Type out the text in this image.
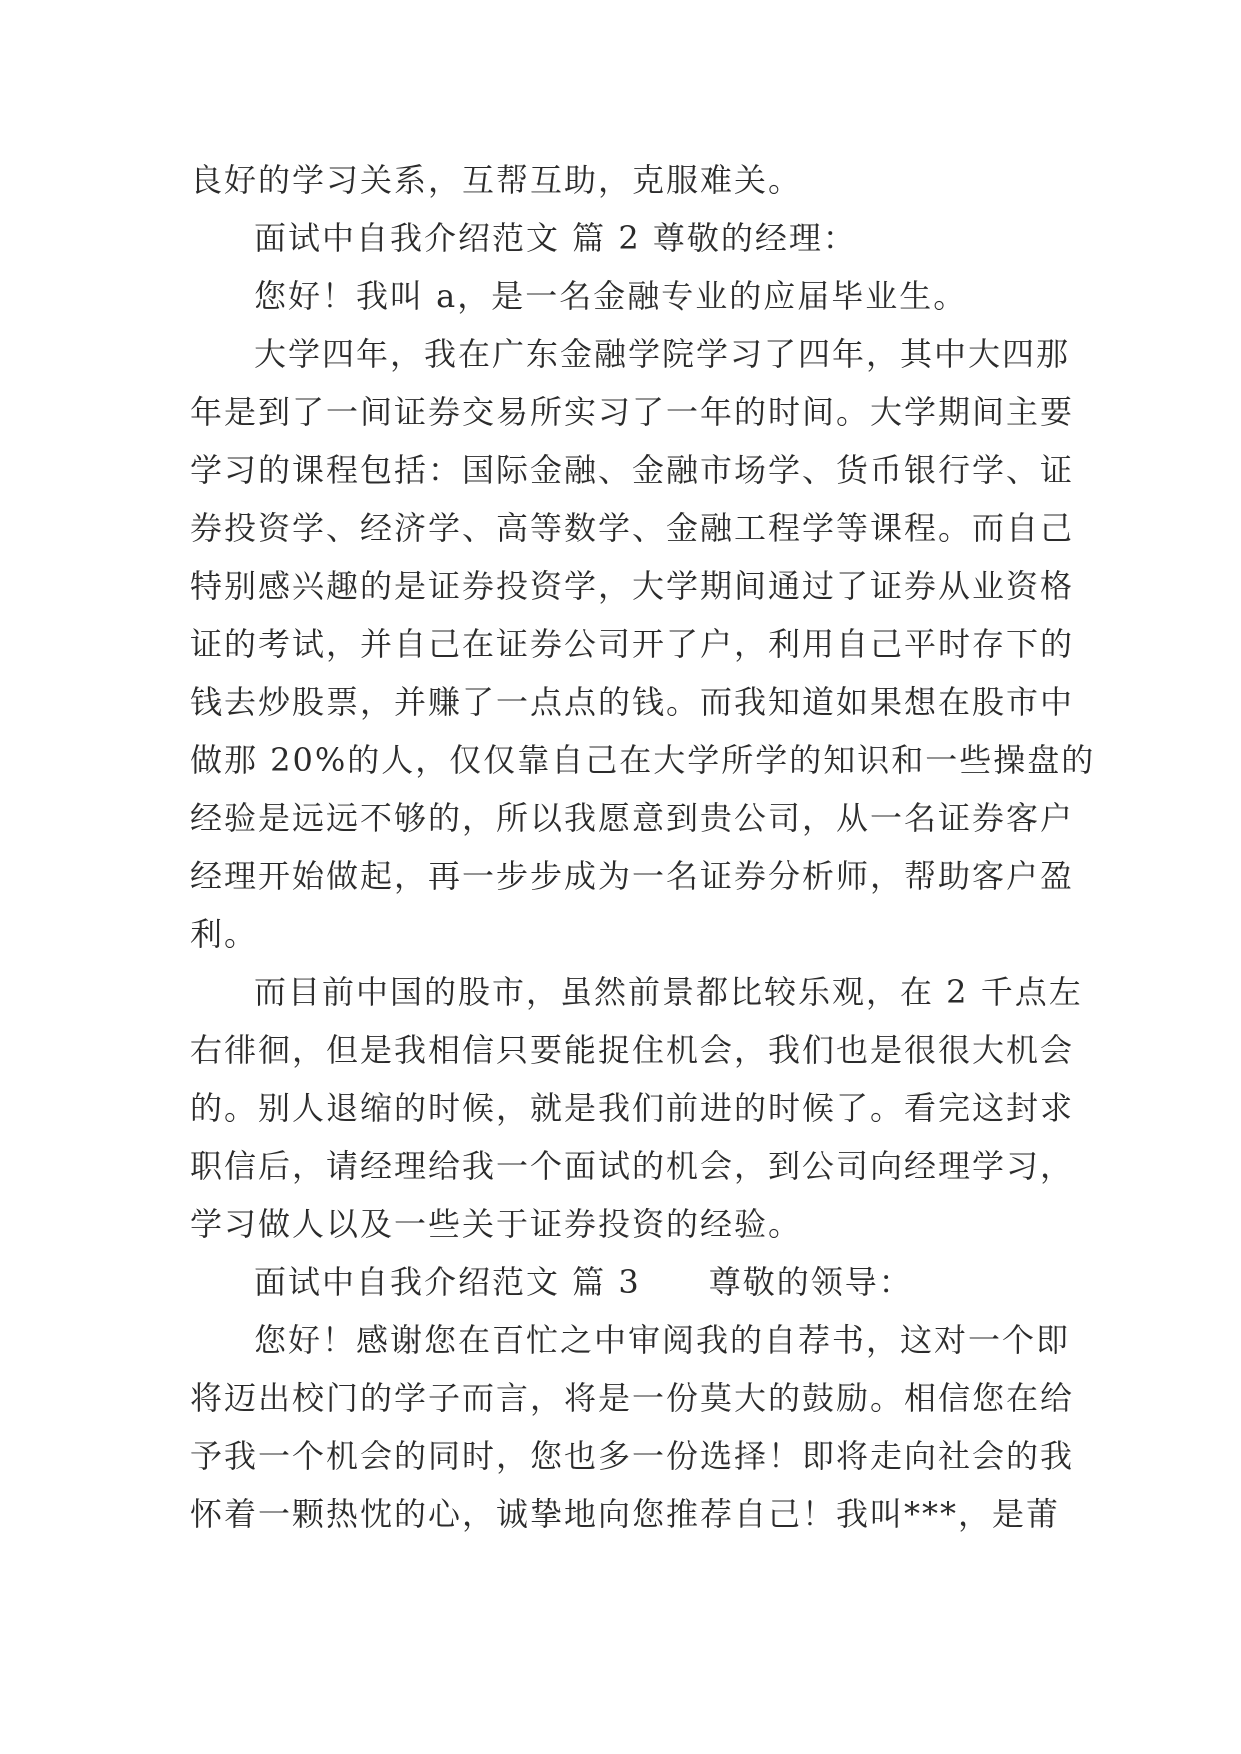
良好的学习关系，互帮互助，克服难关。
面试中自我介绍范文 篇 2 尊敬的经理：
您好！我叫 a，是一名金融专业的应届毕业生。
大学四年，我在广东金融学院学习了四年，其中大四那
年是到了一间证券交易所实习了一年的时间。大学期间主要
学习的课程包括：国际金融、金融市场学、货币银行学、证
券投资学、经济学、高等数学、金融工程学等课程。而自己
特别感兴趣的是证券投资学，大学期间通过了证券从业资格
证的考试，并自己在证券公司开了户，利用自己平时存下的
钱去炒股票，并赚了一点点的钱。而我知道如果想在股市中
做那 20%的人，仅仅靠自己在大学所学的知识和一些操盘的
经验是远远不够的，所以我愿意到贵公司，从一名证券客户
经理开始做起，再一步步成为一名证券分析师，帮助客户盈
利。
而目前中国的股市，虽然前景都比较乐观，在 2 千点左
右徘徊，但是我相信只要能捉住机会，我们也是很很大机会
的。别人退缩的时候，就是我们前进的时候了。看完这封求
职信后，请经理给我一个面试的机会，到公司向经理学习，
学习做人以及一些关于证券投资的经验。
面试中自我介绍范文 篇 3　　尊敬的领导：
您好！感谢您在百忙之中审阅我的自荐书，这对一个即
将迈出校门的学子而言，将是一份莫大的鼓励。相信您在给
予我一个机会的同时，您也多一份选择！即将走向社会的我
怀着一颗热忱的心，诚挚地向您推荐自己！我叫***，是莆
